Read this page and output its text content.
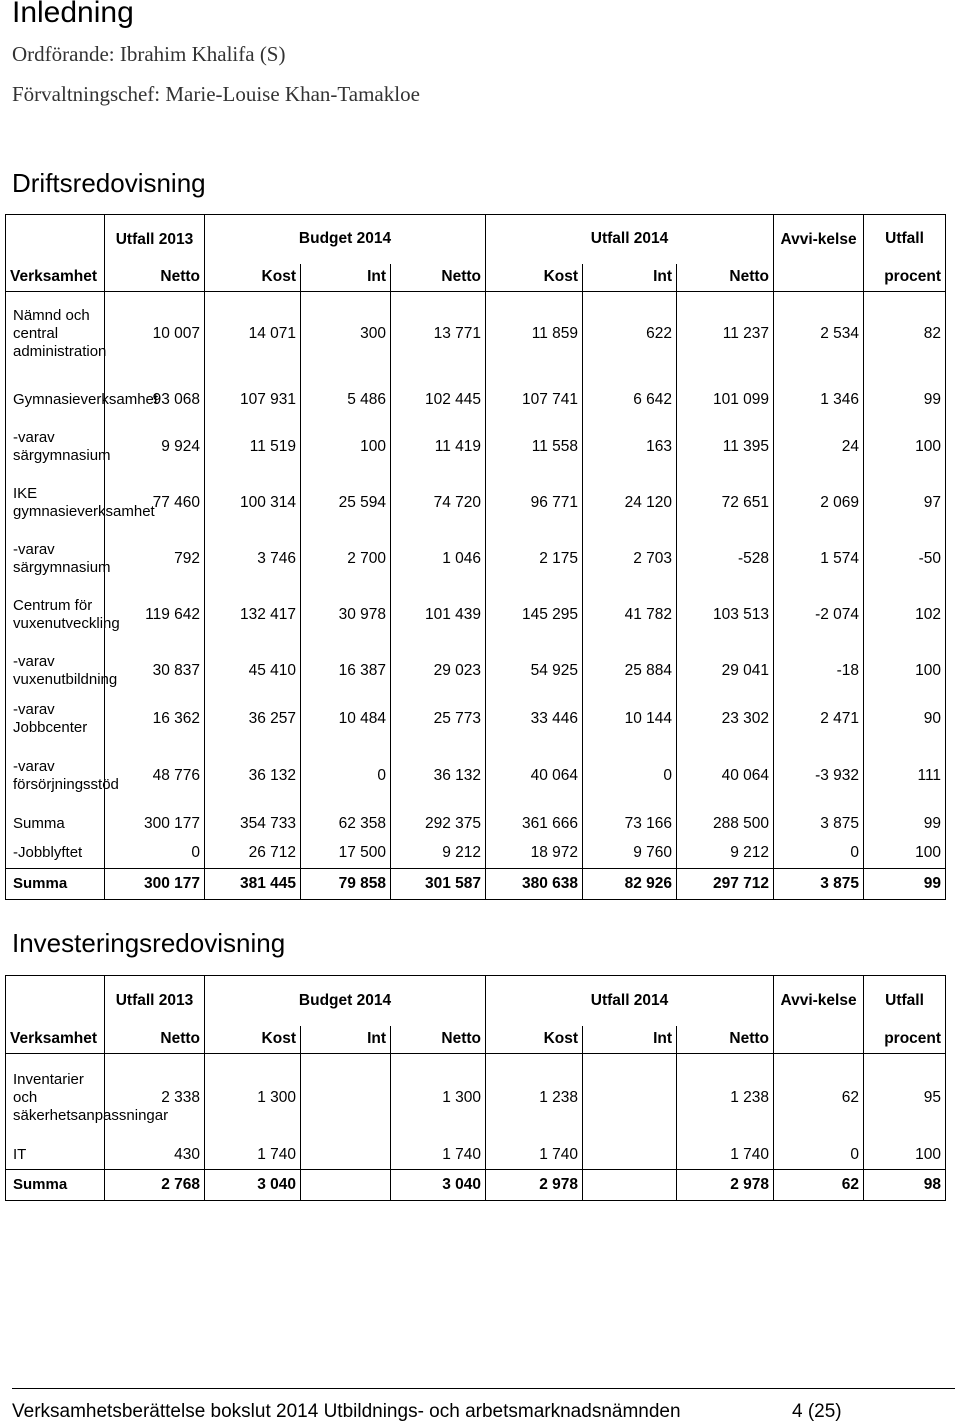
Inledning
Ordförande: Ibrahim Khalifa (S)
Förvaltningschef: Marie-Louise Khan-Tamakloe
Driftsredovisning
	Utfall 2013	Budget 2014			Utfall 2014			Avvi-kelse	Utfall
Verksamhet	Netto	Kost	Int	Netto	Kost	Int	Netto		procent
Nämnd och central administration	10 007	14 071	300	13 771	11 859	622	11 237	2 534	82
Gymnasieverksamhet	93 068	107 931	5 486	102 445	107 741	6 642	101 099	1 346	99
-varav särgymnasium	9 924	11 519	100	11 419	11 558	163	11 395	24	100
IKE gymnasieverksamhet	77 460	100 314	25 594	74 720	96 771	24 120	72 651	2 069	97
-varav särgymnasium	792	3 746	2 700	1 046	2 175	2 703	-528	1 574	-50
Centrum för vuxenutveckling	119 642	132 417	30 978	101 439	145 295	41 782	103 513	-2 074	102
-varav vuxenutbildning	30 837	45 410	16 387	29 023	54 925	25 884	29 041	-18	100
-varav Jobbcenter	16 362	36 257	10 484	25 773	33 446	10 144	23 302	2 471	90
-varav försörjningsstöd	48 776	36 132	0	36 132	40 064	0	40 064	-3 932	111
Summa	300 177	354 733	62 358	292 375	361 666	73 166	288 500	3 875	99
-Jobblyftet	0	26 712	17 500	9 212	18 972	9 760	9 212	0	100
Summa	300 177	381 445	79 858	301 587	380 638	82 926	297 712	3 875	99
Investeringsredovisning
	Utfall 2013	Budget 2014			Utfall 2014			Avvi-kelse	Utfall
Verksamhet	Netto	Kost	Int	Netto	Kost	Int	Netto		procent
Inventarier och säkerhetsanpassningar	2 338	1 300		1 300	1 238		1 238	62	95
IT	430	1 740		1 740	1 740		1 740	0	100
Summa	2 768	3 040		3 040	2 978		2 978	62	98
Verksamhetsberättelse bokslut 2014 Utbildnings- och arbetsmarknadsnämnden	4 (25)
